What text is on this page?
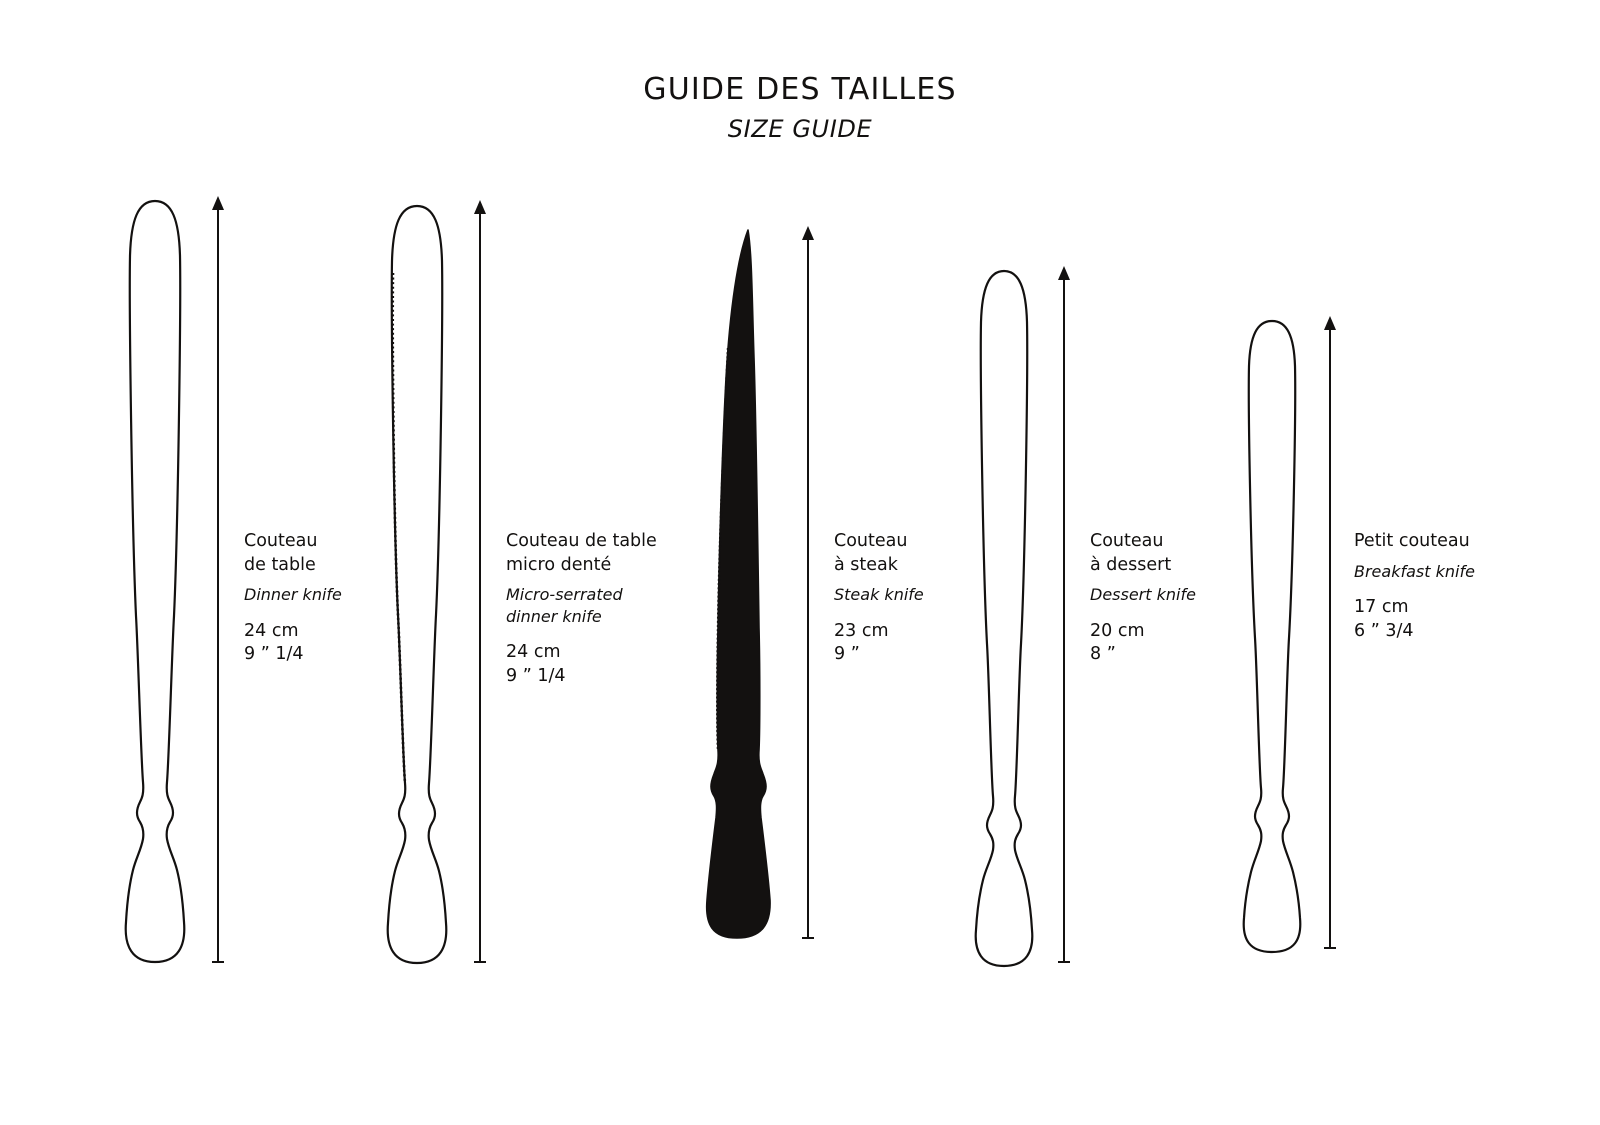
GUIDE DES TAILLES
SIZE GUIDE
Couteau
de table
Dinner knife
24 cm
9 ” 1/4
Couteau de table
micro denté
Micro-serrated
dinner knife
24 cm
9 ” 1/4
Couteau
à steak
Steak knife
23 cm
9 ”
Couteau
à dessert
Dessert knife
20 cm
8 ”
Petit couteau
Breakfast knife
17 cm
6 ” 3/4
